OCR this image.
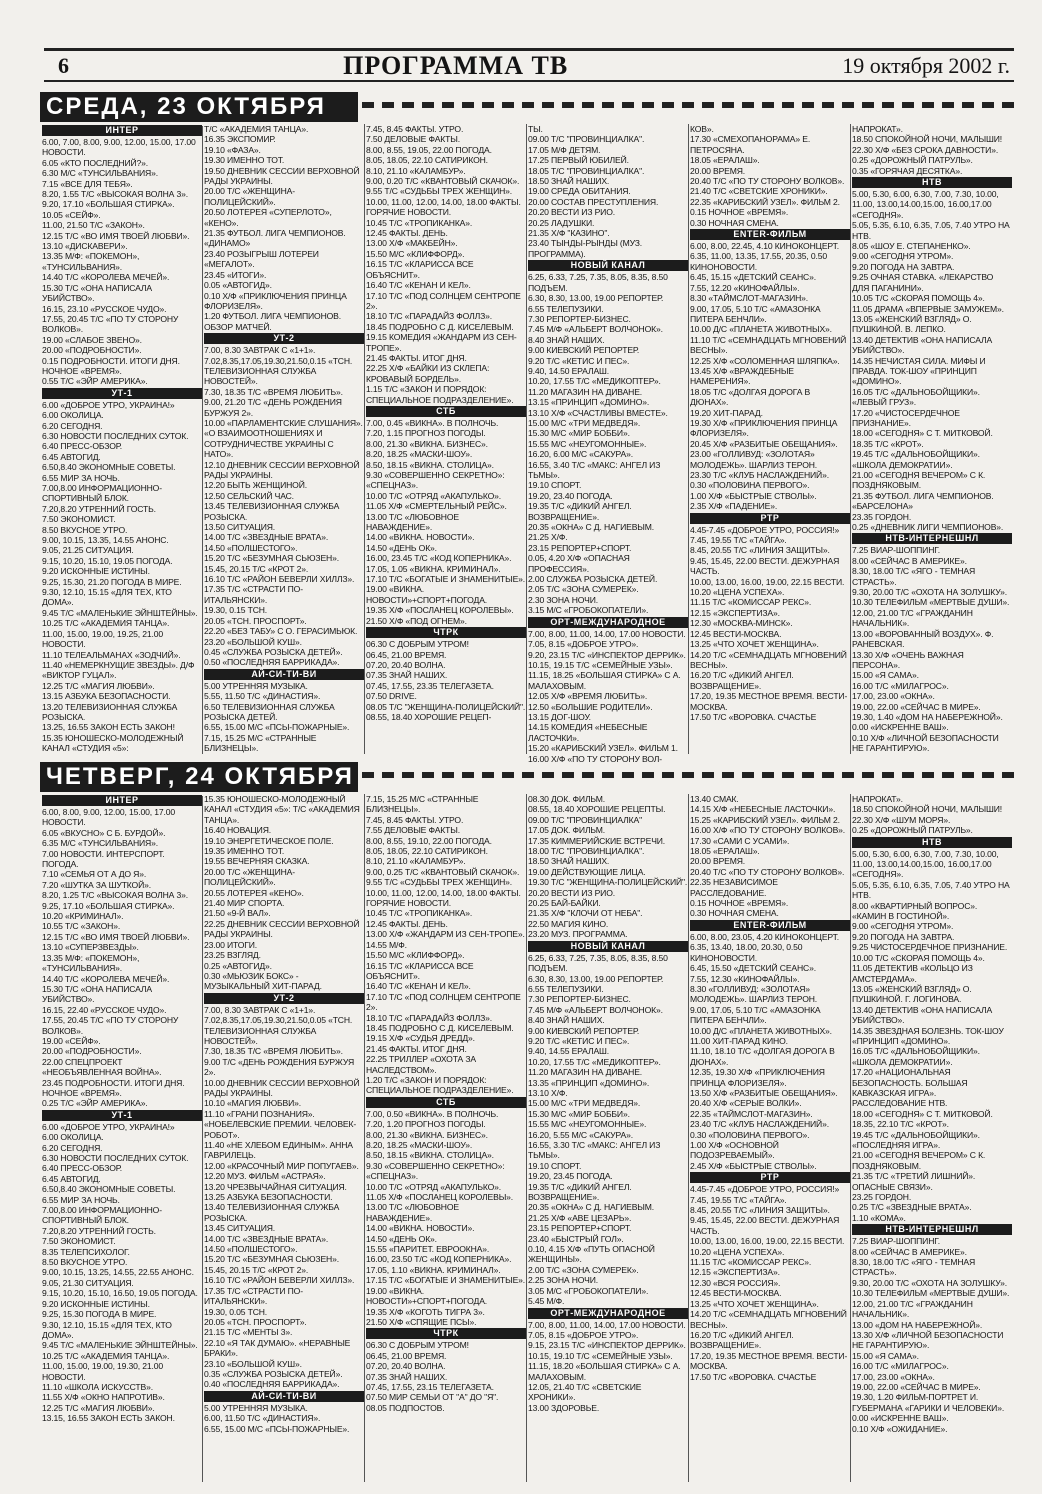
6	ПРОГРАММА ТВ	19 октября 2002 г.
СРЕДА, 23 ОКТЯБРЯ
ИНТЕР
6.00, 7.00, 8.00, 9.00, 12.00, 15.00, 17.00 НОВОСТИ.
6.05 «КТО ПОСЛЕДНИЙ?».
6.30 М/С «ТУНСИЛЬВАНИЯ».
7.15 «ВСЕ ДЛЯ ТЕБЯ».
8.20, 1.55 Т/С «ВЫСОКАЯ ВОЛНА 3».
9.20, 17.10 «БОЛЬШАЯ СТИРКА».
10.05 «СЕЙФ».
11.00, 21.50 Т/С «ЗАКОН».
12.15 Т/С «ВО ИМЯ ТВОЕЙ ЛЮБВИ».
13.10 «ДИСКАВЕРИ».
13.35 М/Ф: «ПОКЕМОН», «ТУНСИЛЬВАНИЯ».
14.40 Т/С «КОРОЛЕВА МЕЧЕЙ».
15.30 Т/С «ОНА НАПИСАЛА УБИЙСТВО».
16.15, 23.10 «РУССКОЕ ЧУДО».
17.55, 20.45 Т/С «ПО ТУ СТОРОНУ ВОЛКОВ».
19.00 «СЛАБОЕ ЗВЕНО».
20.00 «ПОДРОБНОСТИ».
0.15 ПОДРОБНОСТИ. ИТОГИ ДНЯ. НОЧНОЕ «ВРЕМЯ».
0.55 Т/С «ЭЙР АМЕРИКА».
УТ-1
6.00 «ДОБРОЕ УТРО, УКРАИНА!»
6.00 ОКОЛИЦА.
6.20 СЕГОДНЯ.
6.30 НОВОСТИ ПОСЛЕДНИХ СУТОК.
6.40 ПРЕСС-ОБЗОР.
6.45 АВТОГИД.
6.50,8.40 ЭКОНОМНЫЕ СОВЕТЫ.
6.55 МИР ЗА НОЧЬ.
7.00,8.00 ИНФОРМАЦИОННО-СПОРТИВНЫЙ БЛОК.
7.20,8.20 УТРЕННИЙ ГОСТЬ.
7.50 ЭКОНОМИСТ.
8.50 ВКУСНОЕ УТРО.
9.00, 10.15, 13.35, 14.55 АНОНС.
9.05, 21.25 СИТУАЦИЯ.
9.15, 10.20, 15.10, 19.05 ПОГОДА.
9.20 ИСКОННЫЕ ИСТИНЫ.
9.25, 15.30, 21.20 ПОГОДА В МИРЕ.
9.30, 12.10, 15.15 «ДЛЯ ТЕХ, КТО ДОМА».
9.45 Т/С «МАЛЕНЬКИЕ ЭЙНШТЕЙНЫ».
10.25 Т/С «АКАДЕМИЯ ТАНЦА».
11.00, 15.00, 19.00, 19.25, 21.00 НОВОСТИ.
11.10 ТЕЛЕАЛЬМАНАХ «ЗОДЧИЙ».
11.40 «НЕМЕРКНУЩИЕ ЗВЕЗДЫ». Д/Ф «ВИКТОР ГУЦАЛ».
12.25 Т/С «МАГИЯ ЛЮБВИ».
13.15 АЗБУКА БЕЗОПАСНОСТИ.
13.20 ТЕЛЕВИЗИОННАЯ СЛУЖБА РОЗЫСКА.
13.25, 16.55 ЗАКОН ЕСТЬ ЗАКОН!
15.35 ЮНОШЕСКО-МОЛОДЕЖНЫЙ КАНАЛ «СТУДИЯ «5»:
Т/С «АКАДЕМИЯ ТАНЦА».
16.35 ЭКСПОМИР.
19.10 «ФАЗА».
19.30 ИМЕННО ТОТ.
19.50 ДНЕВНИК СЕССИИ ВЕРХОВНОЙ РАДЫ УКРАИНЫ.
20.00 Т/С «ЖЕНЩИНА-ПОЛИЦЕЙСКИЙ».
20.50 ЛОТЕРЕЯ «СУПЕРЛОТО», «КЕНО».
21.35 ФУТБОЛ. ЛИГА ЧЕМПИОНОВ. «ДИНАМО»
23.40 РОЗЫГРЫШ ЛОТЕРЕИ «МЕГАЛОТ».
23.45 «ИТОГИ».
0.05 «АВТОГИД».
0.10 Х/Ф «ПРИКЛЮЧЕНИЯ ПРИНЦА ФЛОРИЗЕЛЯ».
1.20 ФУТБОЛ. ЛИГА ЧЕМПИОНОВ. ОБЗОР МАТЧЕЙ.
УТ-2
7.00, 8.30 ЗАВТРАК С «1+1».
7.02,8.35,17.05,19.30,21.50,0.15 «ТСН. ТЕЛЕВИЗИОННАЯ СЛУЖБА НОВОСТЕЙ».
7.30, 18.35 Т/С «ВРЕМЯ ЛЮБИТЬ».
9.00, 21.20 Т/С «ДЕНЬ РОЖДЕНИЯ БУРЖУЯ 2».
10.00 «ПАРЛАМЕНТСКИЕ СЛУШАНИЯ». «О ВЗАИМООТНОШЕНИЯХ И СОТРУДНИЧЕСТВЕ УКРАИНЫ С НАТО».
12.10 ДНЕВНИК СЕССИИ ВЕРХОВНОЙ РАДЫ УКРАИНЫ.
12.20 БЫТЬ ЖЕНЩИНОЙ.
12.50 СЕЛЬСКИЙ ЧАС.
13.45 ТЕЛЕВИЗИОННАЯ СЛУЖБА РОЗЫСКА.
13.50 СИТУАЦИЯ.
14.00 Т/С «ЗВЕЗДНЫЕ ВРАТА».
14.50 «ПОЛШЕСТОГО».
15.20 Т/С «БЕЗУМНАЯ СЬЮЗЕН».
15.45, 20.15 Т/С «КРОТ 2».
16.10 Т/С «РАЙОН БЕВЕРЛИ ХИЛЛЗ».
17.35 Т/С «СТРАСТИ ПО-ИТАЛЬЯНСКИ».
19.30, 0.15 ТСН.
20.05 «ТСН. ПРОСПОРТ».
22.20 «БЕЗ ТАБУ» С О. ГЕРАСИМЬЮК.
23.20 «БОЛЬШОЙ КУШ».
0.45 «СЛУЖБА РОЗЫСКА ДЕТЕЙ».
0.50 «ПОСЛЕДНЯЯ БАРРИКАДА».
АЙ-СИ-ТИ-ВИ
5.00 УТРЕННЯЯ МУЗЫКА.
5.55, 11.50 Т/С «ДИНАСТИЯ».
6.50 ТЕЛЕВИЗИОННАЯ СЛУЖБА РОЗЫСКА ДЕТЕЙ.
6.55, 15.00 М/С «ПСЫ-ПОЖАРНЫЕ».
7.15, 15.25 М/С «СТРАННЫЕ БЛИЗНЕЦЫ».
7.45, 8.45 ФАКТЫ. УТРО.
7.50 ДЕЛОВЫЕ ФАКТЫ.
8.00, 8.55, 19.05, 22.00 ПОГОДА.
8.05, 18.05, 22.10 САТИРИКОН.
8.10, 21.10 «КАЛАМБУР».
9.00, 0.20 Т/С «КВАНТОВЫЙ СКАЧОК».
9.55 Т/С «СУДЬБЫ ТРЕХ ЖЕНЩИН».
10.00, 11.00, 12.00, 14.00, 18.00 ФАКТЫ. ГОРЯЧИЕ НОВОСТИ.
10.45 Т/С «ТРОПИКАНКА».
12.45 ФАКТЫ. ДЕНЬ.
13.00 Х/Ф «МАКБЕЙН».
15.50 М/С «КЛИФФОРД».
16.15 Т/С «КЛАРИССА ВСЕ ОБЪЯСНИТ».
16.40 Т/С «КЕНАН И КЕЛ».
17.10 Т/С «ПОД СОЛНЦЕМ СЕНТРОПЕ 2».
18.10 Т/С «ПАРАДАЙЗ ФОЛЛЗ».
18.45 ПОДРОБНО С Д. КИСЕЛЕВЫМ.
19.15 КОМЕДИЯ «ЖАНДАРМ ИЗ СЕН-ТРОПЕ».
21.45 ФАКТЫ. ИТОГ ДНЯ.
22.25 Х/Ф «БАЙКИ ИЗ СКЛЕПА: КРОВАВЫЙ БОРДЕЛЬ».
1.15 Т/С «ЗАКОН И ПОРЯДОК: СПЕЦИАЛЬНОЕ ПОДРАЗДЕЛЕНИЕ».
СТБ
7.00, 0.45 «ВИКНА». В ПОЛНОЧЬ.
7.20, 1.15 ПРОГНОЗ ПОГОДЫ.
8.00, 21.30 «ВИКНА. БИЗНЕС».
8.20, 18.25 «МАСКИ-ШОУ».
8.50, 18.15 «ВИКНА. СТОЛИЦА».
9.30 «СОВЕРШЕННО СЕКРЕТНО»: «СПЕЦНАЗ».
10.00 Т/С «ОТРЯД «АКАПУЛЬКО».
11.05 Х/Ф «СМЕРТЕЛЬНЫЙ РЕЙС».
13.00 Т/С «ЛЮБОВНОЕ НАВАЖДЕНИЕ».
14.00 «ВИКНА. НОВОСТИ».
14.50 «ДЕНЬ ОК».
16.00, 23.45 Т/С «КОД КОПЕРНИКА».
17.05, 1.05 «ВИКНА. КРИМИНАЛ».
17.10 Т/С «БОГАТЫЕ И ЗНАМЕНИТЫЕ».
19.00 «ВИКНА. НОВОСТИ»+СПОРТ+ПОГОДА.
19.35 Х/Ф «ПОСЛАНЕЦ КОРОЛЕВЫ».
21.50 Х/Ф «ПОД ОГНЕМ».
ЧТРК
06.30 С ДОБРЫМ УТРОМ!
06.45, 21.00 ВРЕМЯ.
07.20, 20.40 ВОЛНА.
07.35 ЗНАЙ НАШИХ.
07.45, 17.55, 23.35 ТЕЛЕГАЗЕТА.
07.50 DRIVE.
08.05 Т/С "ЖЕНЩИНА-ПОЛИЦЕЙСКИЙ".
08.55, 18.40 ХОРОШИЕ РЕЦЕП-
ТЫ.
09.00 Т/С "ПРОВИНЦИАЛКА".
17.05 М/Ф ДЕТЯМ.
17.25 ПЕРВЫЙ ЮБИЛЕЙ.
18.05 Т/С "ПРОВИНЦИАЛКА".
18.50 ЗНАЙ НАШИХ.
19.00 СРЕДА ОБИТАНИЯ.
20.00 СОСТАВ ПРЕСТУПЛЕНИЯ.
20.20 ВЕСТИ ИЗ РИО.
20.25 ЛАДУШКИ.
21.35 Х/Ф "КАЗИНО".
23.40 ТЫНДЫ-РЫНДЫ (МУЗ. ПРОГРАММА).
НОВЫЙ КАНАЛ
6.25, 6.33, 7.25, 7.35, 8.05, 8.35, 8.50 ПОДЪЕМ.
6.30, 8.30, 13.00, 19.00 РЕПОРТЕР.
6.55 ТЕЛЕПУЗИКИ.
7.30 РЕПОРТЕР-БИЗНЕС.
7.45 М/Ф «АЛЬБЕРТ ВОЛЧОНОК».
8.40 ЗНАЙ НАШИХ.
9.00 КИЕВСКИЙ РЕПОРТЕР.
9.20 Т/С «КЕТИС И ПЕС».
9.40, 14.50 ЕРАЛАШ.
10.20, 17.55 Т/С «МЕДИКОПТЕР».
11.20 МАГАЗИН НА ДИВАНЕ.
13.15 «ПРИНЦИП «ДОМИНО».
13.10 Х/Ф «СЧАСТЛИВЫ ВМЕСТЕ».
15.00 М/С «ТРИ МЕДВЕДЯ».
15.30 М/С «МИР БОББИ».
15.55 М/С «НЕУГОМОННЫЕ».
16.20, 6.00 М/С «САКУРА».
16.55, 3.40 Т/С «МАКС: АНГЕЛ ИЗ ТЬМЫ».
19.10 СПОРТ.
19.20, 23.40 ПОГОДА.
19.35 Т/С «ДИКИЙ АНГЕЛ. ВОЗВРАЩЕНИЕ».
20.35 «ОКНА» С Д. НАГИЕВЫМ.
21.25 Х/Ф.
23.15 РЕПОРТЕР+СПОРТ.
0.05, 4.20 Х/Ф «ОПАСНАЯ ПРОФЕССИЯ».
2.00 СЛУЖБА РОЗЫСКА ДЕТЕЙ.
2.05 Т/С «ЗОНА СУМЕРЕК».
2.30 ЗОНА НОЧИ.
3.15 М/С «ГРОБОКОПАТЕЛИ».
ОРТ-МЕЖДУНАРОДНОЕ
7.00, 8.00, 11.00, 14.00, 17.00 НОВОСТИ.
7.05, 8.15 «ДОБРОЕ УТРО».
9.20, 23.15 Т/С «ИНСПЕКТОР ДЕРРИК».
10.15, 19.15 Т/С «СЕМЕЙНЫЕ УЗЫ».
11.15, 18.25 «БОЛЬШАЯ СТИРКА» С А. МАЛАХОВЫМ.
12.05 Х/Ф «ВРЕМЯ ЛЮБИТЬ».
12.50 «БОЛЬШИЕ РОДИТЕЛИ».
13.15 ДОГ-ШОУ.
14.15 КОМЕДИЯ «НЕБЕСНЫЕ ЛАСТОЧКИ».
15.20 «КАРИБСКИЙ УЗЕЛ». ФИЛЬМ 1.
16.00 Х/Ф «ПО ТУ СТОРОНУ ВОЛ-
КОВ».
17.30 «СМЕХОПАНОРАМА» Е. ПЕТРОСЯНА.
18.05 «ЕРАЛАШ».
20.00 ВРЕМЯ.
20.40 Т/С «ПО ТУ СТОРОНУ ВОЛКОВ».
21.40 Т/С «СВЕТСКИЕ ХРОНИКИ».
22.35 «КАРИБСКИЙ УЗЕЛ». ФИЛЬМ 2.
0.15 НОЧНОЕ «ВРЕМЯ».
0.30 НОЧНАЯ СМЕНА.
ENTER-ФИЛЬМ
6.00, 8.00, 22.45, 4.10 КИНОКОНЦЕРТ.
6.35, 11.00, 13.35, 17.55, 20.35, 0.50 КИНОНОВОСТИ.
6.45, 15.15 «ДЕТСКИЙ СЕАНС».
7.55, 12.20 «КИНОФАЙЛЫ».
8.30 «ТАЙМСЛОТ-МАГАЗИН».
9.00, 17.05, 5.10 Т/С «АМАЗОНКА ПИТЕРА БЕНЧЛИ».
10.00 Д/С «ПЛАНЕТА ЖИВОТНЫХ».
11.10 Т/С «СЕМНАДЦАТЬ МГНОВЕНИЙ ВЕСНЫ».
12.25 Х/Ф «СОЛОМЕННАЯ ШЛЯПКА».
13.45 Х/Ф «ВРАЖДЕБНЫЕ НАМЕРЕНИЯ».
18.05 Т/С «ДОЛГАЯ ДОРОГА В ДЮНАХ».
19.20 ХИТ-ПАРАД.
19.30 Х/Ф «ПРИКЛЮЧЕНИЯ ПРИНЦА ФЛОРИЗЕЛЯ».
20.45 Х/Ф «РАЗБИТЫЕ ОБЕЩАНИЯ».
23.00 «ГОЛЛИВУД: «ЗОЛОТАЯ» МОЛОДЕЖЬ». ШАРЛИЗ ТЕРОН.
23.30 Т/С «КЛУБ НАСЛАЖДЕНИЙ».
0.30 «ПОЛОВИНА ПЕРВОГО».
1.00 Х/Ф «БЫСТРЫЕ СТВОЛЫ».
2.35 Х/Ф «ПАДЕНИЕ».
РТР
4.45-7.45 «ДОБРОЕ УТРО, РОССИЯ!»
7.45, 19.55 Т/С «ТАЙГА».
8.45, 20.55 Т/С «ЛИНИЯ ЗАЩИТЫ».
9.45, 15.45, 22.00 ВЕСТИ. ДЕЖУРНАЯ ЧАСТЬ.
10.00, 13.00, 16.00, 19.00, 22.15 ВЕСТИ.
10.20 «ЦЕНА УСПЕХА».
11.15 Т/С «КОМИССАР РЕКС».
12.15 «ЭКСПЕРТИЗА».
12.30 «МОСКВА-МИНСК».
12.45 ВЕСТИ-МОСКВА.
13.25 «ЧТО ХОЧЕТ ЖЕНЩИНА».
14.20 Т/С «СЕМНАДЦАТЬ МГНОВЕНИЙ ВЕСНЫ».
16.20 Т/С «ДИКИЙ АНГЕЛ. ВОЗВРАЩЕНИЕ».
17.20, 19.35 МЕСТНОЕ ВРЕМЯ. ВЕСТИ-МОСКВА.
17.50 Т/С «ВОРОВКА. СЧАСТЬЕ
НАПРОКАТ».
18.50 СПОКОЙНОЙ НОЧИ, МАЛЫШИ!
22.30 Х/Ф «БЕЗ СРОКА ДАВНОСТИ».
0.25 «ДОРОЖНЫЙ ПАТРУЛЬ».
0.35 «ГОРЯЧАЯ ДЕСЯТКА».
НТВ
5.00, 5.30, 6.00, 6.30, 7.00, 7.30, 10.00, 11.00, 13.00,14.00,15.00, 16.00,17.00 «СЕГОДНЯ».
5.05, 5.35, 6.10, 6.35, 7.05, 7.40 УТРО НА НТВ.
8.05 «ШОУ Е. СТЕПАНЕНКО».
9.00 «СЕГОДНЯ УТРОМ».
9.20 ПОГОДА НА ЗАВТРА.
9.25 ОЧНАЯ СТАВКА. «ЛЕКАРСТВО ДЛЯ ПАГАНИНИ».
10.05 Т/С «СКОРАЯ ПОМОЩЬ 4».
11.05 ДРАМА «ВПЕРВЫЕ ЗАМУЖЕМ».
13.05 «ЖЕНСКИЙ ВЗГЛЯД» О. ПУШКИНОЙ. В. ЛЕПКО.
13.40 ДЕТЕКТИВ «ОНА НАПИСАЛА УБИЙСТВО».
14.35 НЕЧИСТАЯ СИЛА. МИФЫ И ПРАВДА. ТОК-ШОУ «ПРИНЦИП «ДОМИНО».
16.05 Т/С «ДАЛЬНОБОЙЩИКИ». «ЛЕВЫЙ ГРУЗ».
17.20 «ЧИСТОСЕРДЕЧНОЕ ПРИЗНАНИЕ».
18.00 «СЕГОДНЯ» С Т. МИТКОВОЙ.
18.35 Т/С «КРОТ».
19.45 Т/С «ДАЛЬНОБОЙЩИКИ». «ШКОЛА ДЕМОКРАТИИ».
21.00 «СЕГОДНЯ ВЕЧЕРОМ» С К. ПОЗДНЯКОВЫМ.
21.35 ФУТБОЛ. ЛИГА ЧЕМПИОНОВ. «БАРСЕЛОНА»
23.35 ГОРДОН.
0.25 «ДНЕВНИК ЛИГИ ЧЕМПИОНОВ».
НТВ-ИНТЕРНЕШНЛ
7.25 ВИАР-ШОППИНГ.
8.00 «СЕЙЧАС В АМЕРИКЕ».
8.30, 18.00 Т/С «ЯГО - ТЕМНАЯ СТРАСТЬ».
9.30, 20.00 Т/С «ОХОТА НА ЗОЛУШКУ».
10.30 ТЕЛЕФИЛЬМ «МЕРТВЫЕ ДУШИ».
12.00, 21.00 Т/С «ГРАЖДАНИН НАЧАЛЬНИК».
13.00 «ВОРОВАННЫЙ ВОЗДУХ». Ф. РАНЕВСКАЯ.
13.30 Х/Ф «ОЧЕНЬ ВАЖНАЯ ПЕРСОНА».
15.00 «Я САМА».
16.00 Т/С «МИЛАГРОС».
17.00, 23.00 «ОКНА».
19.00, 22.00 «СЕЙЧАС В МИРЕ».
19.30, 1.40 «ДОМ НА НАБЕРЕЖНОЙ».
0.00 «ИСКРЕННЕ ВАШ».
0.10 Х/Ф «ЛИЧНОЙ БЕЗОПАСНОСТИ НЕ ГАРАНТИРУЮ».
ЧЕТВЕРГ, 24 ОКТЯБРЯ
ИНТЕР
6.00, 8.00, 9.00, 12.00, 15.00, 17.00 НОВОСТИ.
6.05 «ВКУСНО» С Б. БУРДОЙ».
6.35 М/С «ТУНСИЛЬВАНИЯ».
7.00 НОВОСТИ. ИНТЕРСПОРТ. ПОГОДА.
7.10 «СЕМЬЯ ОТ А ДО Я».
7.20 «ШУТКА ЗА ШУТКОЙ».
8.20, 1.25 Т/С «ВЫСОКАЯ ВОЛНА 3».
9.25, 17.10 «БОЛЬШАЯ СТИРКА».
10.20 «КРИМИНАЛ».
10.55 Т/С «ЗАКОН».
12.15 Т/С «ВО ИМЯ ТВОЕЙ ЛЮБВИ».
13.10 «СУПЕРЗВЕЗДЫ».
13.35 М/Ф: «ПОКЕМОН», «ТУНСИЛЬВАНИЯ».
14.40 Т/С «КОРОЛЕВА МЕЧЕЙ».
15.30 Т/С «ОНА НАПИСАЛА УБИЙСТВО».
16.15, 22.40 «РУССКОЕ ЧУДО».
17.55, 20.45 Т/С «ПО ТУ СТОРОНУ ВОЛКОВ».
19.00 «СЕЙФ».
20.00 «ПОДРОБНОСТИ».
22.00 СПЕЦПРОЕКТ «НЕОБЪЯВЛЕННАЯ ВОЙНА».
23.45 ПОДРОБНОСТИ. ИТОГИ ДНЯ. НОЧНОЕ «ВРЕМЯ».
0.25 Т/С «ЭЙР АМЕРИКА».
УТ-1
6.00 «ДОБРОЕ УТРО, УКРАИНА!»
6.00 ОКОЛИЦА.
6.20 СЕГОДНЯ.
6.30 НОВОСТИ ПОСЛЕДНИХ СУТОК.
6.40 ПРЕСС-ОБЗОР.
6.45 АВТОГИД.
6.50,8.40 ЭКОНОМНЫЕ СОВЕТЫ.
6.55 МИР ЗА НОЧЬ.
7.00,8.00 ИНФОРМАЦИОННО-СПОРТИВНЫЙ БЛОК.
7.20,8.20 УТРЕННИЙ ГОСТЬ.
7.50 ЭКОНОМИСТ.
8.35 ТЕЛЕПСИХОЛОГ.
8.50 ВКУСНОЕ УТРО.
9.00, 10.15, 13.25, 14.55, 22.55 АНОНС.
9.05, 21.30 СИТУАЦИЯ.
9.15, 10.20, 15.10, 16.50, 19.05 ПОГОДА.
9.20 ИСКОННЫЕ ИСТИНЫ.
9.25, 15.30 ПОГОДА В МИРЕ.
9.30, 12.10, 15.15 «ДЛЯ ТЕХ, КТО ДОМА».
9.45 Т/С «МАЛЕНЬКИЕ ЭЙНШТЕЙНЫ».
10.25 Т/С «АКАДЕМИЯ ТАНЦА».
11.00, 15.00, 19.00, 19.30, 21.00 НОВОСТИ.
11.10 «ШКОЛА ИСКУССТВ».
11.55 Х/Ф «ОКНО НАПРОТИВ».
12.25 Т/С «МАГИЯ ЛЮБВИ».
13.15, 16.55 ЗАКОН ЕСТЬ ЗАКОН.
15.35 ЮНОШЕСКО-МОЛОДЕЖНЫЙ КАНАЛ «СТУДИЯ «5»: Т/С «АКАДЕМИЯ ТАНЦА».
16.40 НОВАЦИЯ.
19.10 ЭНЕРГЕТИЧЕСКОЕ ПОЛЕ.
19.35 ИМЕННО ТОТ.
19.55 ВЕЧЕРНЯЯ СКАЗКА.
20.00 Т/С «ЖЕНЩИНА-ПОЛИЦЕЙСКИЙ».
20.55 ЛОТЕРЕЯ «КЕНО».
21.40 МИР СПОРТА.
21.50 «9-Й ВАЛ».
22.25 ДНЕВНИК СЕССИИ ВЕРХОВНОЙ РАДЫ УКРАИНЫ.
23.00 ИТОГИ.
23.25 ВЗГЛЯД.
0.25 «АВТОГИД».
0.30 «МЬЮЗИК БОКС» - МУЗЫКАЛЬНЫЙ ХИТ-ПАРАД.
УТ-2
7.00, 8.30 ЗАВТРАК С «1+1».
7.02,8.35,17.05,19.30,21.50,0.05 «ТСН. ТЕЛЕВИЗИОННАЯ СЛУЖБА НОВОСТЕЙ».
7.30, 18.35 Т/С «ВРЕМЯ ЛЮБИТЬ».
9.00 Т/С «ДЕНЬ РОЖДЕНИЯ БУРЖУЯ 2».
10.00 ДНЕВНИК СЕССИИ ВЕРХОВНОЙ РАДЫ УКРАИНЫ.
10.10 «МАГИЯ ЛЮБВИ».
11.10 «ГРАНИ ПОЗНАНИЯ». «НОБЕЛЕВСКИЕ ПРЕМИИ. ЧЕЛОВЕК-РОБОТ».
11.40 «НЕ ХЛЕБОМ ЕДИНЫМ». АННА ГАВРИЛЕЦЬ.
12.00 «КРАСОЧНЫЙ МИР ПОПУГАЕВ».
12.20 МУЗ. ФИЛЬМ «АСТРАЯ».
13.20 ЧРЕЗВЫЧАЙНАЯ СИТУАЦИЯ.
13.25 АЗБУКА БЕЗОПАСНОСТИ.
13.40 ТЕЛЕВИЗИОННАЯ СЛУЖБА РОЗЫСКА.
13.45 СИТУАЦИЯ.
14.00 Т/С «ЗВЕЗДНЫЕ ВРАТА».
14.50 «ПОЛШЕСТОГО».
15.20 Т/С «БЕЗУМНАЯ СЬЮЗЕН».
15.45, 20.15 Т/С «КРОТ 2».
16.10 Т/С «РАЙОН БЕВЕРЛИ ХИЛЛЗ».
17.35 Т/С «СТРАСТИ ПО-ИТАЛЬЯНСКИ».
19.30, 0.05 ТСН.
20.05 «ТСН. ПРОСПОРТ».
21.15 Т/С «МЕНТЫ 3».
22.10 «Я ТАК ДУМАЮ». «НЕРАВНЫЕ БРАКИ».
23.10 «БОЛЬШОЙ КУШ».
0.35 «СЛУЖБА РОЗЫСКА ДЕТЕЙ».
0.40 «ПОСЛЕДНЯЯ БАРРИКАДА».
АЙ-СИ-ТИ-ВИ
5.00 УТРЕННЯЯ МУЗЫКА.
6.00, 11.50 Т/С «ДИНАСТИЯ».
6.55, 15.00 М/С «ПСЫ-ПОЖАРНЫЕ».
7.15, 15.25 М/С «СТРАННЫЕ БЛИЗНЕЦЫ».
7.45, 8.45 ФАКТЫ. УТРО.
7.55 ДЕЛОВЫЕ ФАКТЫ.
8.00, 8.55, 19.10, 22.00 ПОГОДА.
8.05, 18.05, 22.10 САТИРИКОН.
8.10, 21.10 «КАЛАМБУР».
9.00, 0.25 Т/С «КВАНТОВЫЙ СКАЧОК».
9.55 Т/С «СУДЬБЫ ТРЕХ ЖЕНЩИН».
10.00, 11.00, 12.00, 14.00, 18.00 ФАКТЫ. ГОРЯЧИЕ НОВОСТИ.
10.45 Т/С «ТРОПИКАНКА».
12.45 ФАКТЫ. ДЕНЬ.
13.00 Х/Ф «ЖАНДАРМ ИЗ СЕН-ТРОПЕ».
14.55 М/Ф.
15.50 М/С «КЛИФФОРД».
16.15 Т/С «КЛАРИССА ВСЕ ОБЪЯСНИТ».
16.40 Т/С «КЕНАН И КЕЛ».
17.10 Т/С «ПОД СОЛНЦЕМ СЕНТРОПЕ 2».
18.10 Т/С «ПАРАДАЙЗ ФОЛЛЗ».
18.45 ПОДРОБНО С Д. КИСЕЛЕВЫМ.
19.15 Х/Ф «СУДЬЯ ДРЕДД».
21.45 ФАКТЫ. ИТОГ ДНЯ.
22.25 ТРИЛЛЕР «ОХОТА ЗА НАСЛЕДСТВОМ».
1.20 Т/С «ЗАКОН И ПОРЯДОК: СПЕЦИАЛЬНОЕ ПОДРАЗДЕЛЕНИЕ».
СТБ
7.00, 0.50 «ВИКНА». В ПОЛНОЧЬ.
7.20, 1.20 ПРОГНОЗ ПОГОДЫ.
8.00, 21.30 «ВИКНА. БИЗНЕС».
8.20, 18.25 «МАСКИ-ШОУ».
8.50, 18.15 «ВИКНА. СТОЛИЦА».
9.30 «СОВЕРШЕННО СЕКРЕТНО»: «СПЕЦНАЗ».
10.00 Т/С «ОТРЯД «АКАПУЛЬКО».
11.05 Х/Ф «ПОСЛАНЕЦ КОРОЛЕВЫ».
13.00 Т/С «ЛЮБОВНОЕ НАВАЖДЕНИЕ».
14.00 «ВИКНА. НОВОСТИ».
14.50 «ДЕНЬ ОК».
15.55 «ПАРИТЕТ. ЕВРООКНА».
16.00, 23.50 Т/С «КОД КОПЕРНИКА».
17.05, 1.10 «ВИКНА. КРИМИНАЛ».
17.15 Т/С «БОГАТЫЕ И ЗНАМЕНИТЫЕ».
19.00 «ВИКНА. НОВОСТИ»+СПОРТ+ПОГОДА.
19.35 Х/Ф «КОГОТЬ ТИГРА 3».
21.50 Х/Ф «СПЯЩИЕ ПСЫ».
ЧТРК
06.30 С ДОБРЫМ УТРОМ!
06.45, 21.00 ВРЕМЯ.
07.20, 20.40 ВОЛНА.
07.35 ЗНАЙ НАШИХ.
07.45, 17.55, 23.15 ТЕЛЕГАЗЕТА.
07.50 МИР СЕМЬИ ОТ "А" ДО "Я".
08.05 ПОДПОСТОВ.
08.30 ДОК. ФИЛЬМ.
08.55, 18.40 ХОРОШИЕ РЕЦЕПТЫ.
09.00 Т/С "ПРОВИНЦИАЛКА"
17.05 ДОК. ФИЛЬМ.
17.35 КИММЕРИЙСКИЕ ВСТРЕЧИ.
18.00 Т/С "ПРОВИНЦИАЛКА".
18.50 ЗНАЙ НАШИХ.
19.00 ДЕЙСТВУЮЩИЕ ЛИЦА.
19.30 Т/С "ЖЕНЩИНА-ПОЛИЦЕЙСКИЙ".
20.20 ВЕСТИ ИЗ РИО.
20.25 БАЙ-БАЙКИ.
21.35 Х/Ф "КЛОЧИ ОТ НЕБА".
22.50 МАГИЯ КИНО.
23.20 МУЗ. ПРОГРАММА.
НОВЫЙ КАНАЛ
6.25, 6.33, 7.25, 7.35, 8.05, 8.35, 8.50 ПОДЪЕМ.
6.30, 8.30, 13.00, 19.00 РЕПОРТЕР.
6.55 ТЕЛЕПУЗИКИ.
7.30 РЕПОРТЕР-БИЗНЕС.
7.45 М/Ф «АЛЬБЕРТ ВОЛЧОНОК».
8.40 ЗНАЙ НАШИХ.
9.00 КИЕВСКИЙ РЕПОРТЕР.
9.20 Т/С «КЕТИС И ПЕС».
9.40, 14.55 ЕРАЛАШ.
10.20, 17.55 Т/С «МЕДИКОПТЕР».
11.20 МАГАЗИН НА ДИВАНЕ.
13.35 «ПРИНЦИП «ДОМИНО».
13.10 Х/Ф.
15.00 М/С «ТРИ МЕДВЕДЯ».
15.30 М/С «МИР БОББИ».
15.55 М/С «НЕУГОМОННЫЕ».
16.20, 5.55 М/С «САКУРА».
16.55, 3.30 Т/С «МАКС: АНГЕЛ ИЗ ТЬМЫ».
19.10 СПОРТ.
19.20, 23.45 ПОГОДА.
19.35 Т/С «ДИКИЙ АНГЕЛ. ВОЗВРАЩЕНИЕ».
20.35 «ОКНА» С Д. НАГИЕВЫМ.
21.25 Х/Ф «АВЕ ЦЕЗАРЬ».
23.15 РЕПОРТЕР+СПОРТ.
23.40 «БЫСТРЫЙ ГОЛ».
0.10, 4.15 Х/Ф «ПУТЬ ОПАСНОЙ ЖЕНЩИНЫ».
2.00 Т/С «ЗОНА СУМЕРЕК».
2.25 ЗОНА НОЧИ.
3.05 М/С «ГРОБОКОПАТЕЛИ».
5.45 М/Ф.
ОРТ-МЕЖДУНАРОДНОЕ
7.00, 8.00, 11.00, 14.00, 17.00 НОВОСТИ.
7.05, 8.15 «ДОБРОЕ УТРО».
9.15, 23.15 Т/С «ИНСПЕКТОР ДЕРРИК».
10.15, 19.10 Т/С «СЕМЕЙНЫЕ УЗЫ».
11.15, 18.20 «БОЛЬШАЯ СТИРКА» С А. МАЛАХОВЫМ.
12.05, 21.40 Т/С «СВЕТСКИЕ ХРОНИКИ».
13.00 ЗДОРОВЬЕ.
13.40 СМАК.
14.15 Х/Ф «НЕБЕСНЫЕ ЛАСТОЧКИ».
15.25 «КАРИБСКИЙ УЗЕЛ». ФИЛЬМ 2.
16.00 Х/Ф «ПО ТУ СТОРОНУ ВОЛКОВ».
17.30 «САМИ С УСАМИ».
18.05 «ЕРАЛАШ».
20.00 ВРЕМЯ.
20.40 Т/С «ПО ТУ СТОРОНУ ВОЛКОВ».
22.35 НЕЗАВИСИМОЕ РАССЛЕДОВАНИЕ.
0.15 НОЧНОЕ «ВРЕМЯ».
0.30 НОЧНАЯ СМЕНА.
ENTER-ФИЛЬМ
6.00, 8.00, 23.05, 4.20 КИНОКОНЦЕРТ.
6.35, 13.40, 18.00, 20.30, 0.50 КИНОНОВОСТИ.
6.45, 15.50 «ДЕТСКИЙ СЕАНС».
7.55, 12.30 «КИНОФАЙЛЫ».
8.30 «ГОЛЛИВУД: «ЗОЛОТАЯ» МОЛОДЕЖЬ». ШАРЛИЗ ТЕРОН.
9.00, 17.05, 5.10 Т/С «АМАЗОНКА ПИТЕРА БЕНЧЛИ».
10.00 Д/С «ПЛАНЕТА ЖИВОТНЫХ».
11.00 ХИТ-ПАРАД КИНО.
11.10, 18.10 Т/С «ДОЛГАЯ ДОРОГА В ДЮНАХ».
12.35, 19.30 Х/Ф «ПРИКЛЮЧЕНИЯ ПРИНЦА ФЛОРИЗЕЛЯ».
13.50 Х/Ф «РАЗБИТЫЕ ОБЕЩАНИЯ».
20.40 Х/Ф «СЕРЫЕ ВОЛКИ».
22.35 «ТАЙМСЛОТ-МАГАЗИН».
23.40 Т/С «КЛУБ НАСЛАЖДЕНИЙ».
0.30 «ПОЛОВИНА ПЕРВОГО».
1.00 Х/Ф «ОСНОВНОЙ ПОДОЗРЕВАЕМЫЙ».
2.45 Х/Ф «БЫСТРЫЕ СТВОЛЫ».
РТР
4.45-7.45 «ДОБРОЕ УТРО, РОССИЯ!»
7.45, 19.55 Т/С «ТАЙГА».
8.45, 20.55 Т/С «ЛИНИЯ ЗАЩИТЫ».
9.45, 15.45, 22.00 ВЕСТИ. ДЕЖУРНАЯ ЧАСТЬ.
10.00, 13.00, 16.00, 19.00, 22.15 ВЕСТИ.
10.20 «ЦЕНА УСПЕХА».
11.15 Т/С «КОМИССАР РЕКС».
12.15 «ЭКСПЕРТИЗА».
12.30 «ВСЯ РОССИЯ».
12.45 ВЕСТИ-МОСКВА.
13.25 «ЧТО ХОЧЕТ ЖЕНЩИНА».
14.20 Т/С «СЕМНАДЦАТЬ МГНОВЕНИЙ ВЕСНЫ».
16.20 Т/С «ДИКИЙ АНГЕЛ. ВОЗВРАЩЕНИЕ».
17.20, 19.35 МЕСТНОЕ ВРЕМЯ. ВЕСТИ-МОСКВА.
17.50 Т/С «ВОРОВКА. СЧАСТЬЕ
НАПРОКАТ».
18.50 СПОКОЙНОЙ НОЧИ, МАЛЫШИ!
22.30 Х/Ф «ШУМ МОРЯ».
0.25 «ДОРОЖНЫЙ ПАТРУЛЬ».
НТВ
5.00, 5.30, 6.00, 6.30, 7.00, 7.30, 10.00, 11.00, 13.00,14.00,15.00, 16.00,17.00 «СЕГОДНЯ».
5.05, 5.35, 6.10, 6.35, 7.05, 7.40 УТРО НА НТВ.
8.00 «КВАРТИРНЫЙ ВОПРОС». «КАМИН В ГОСТИНОЙ».
9.00 «СЕГОДНЯ УТРОМ».
9.20 ПОГОДА НА ЗАВТРА.
9.25 ЧИСТОСЕРДЕЧНОЕ ПРИЗНАНИЕ.
10.00 Т/С «СКОРАЯ ПОМОЩЬ 4».
11.05 ДЕТЕКТИВ «КОЛЬЦО ИЗ АМСТЕРДАМА».
13.05 «ЖЕНСКИЙ ВЗГЛЯД» О. ПУШКИНОЙ. Г. ЛОГИНОВА.
13.40 ДЕТЕКТИВ «ОНА НАПИСАЛА УБИЙСТВО».
14.35 ЗВЕЗДНАЯ БОЛЕЗНЬ. ТОК-ШОУ «ПРИНЦИП «ДОМИНО».
16.05 Т/С «ДАЛЬНОБОЙЩИКИ». «ШКОЛА ДЕМОКРАТИИ».
17.20 «НАЦИОНАЛЬНАЯ БЕЗОПАСНОСТЬ. БОЛЬШАЯ КАВКАЗСКАЯ ИГРА». РАССЛЕДОВАНИЕ НТВ.
18.00 «СЕГОДНЯ» С Т. МИТКОВОЙ.
18.35, 22.10 Т/С «КРОТ».
19.45 Т/С «ДАЛЬНОБОЙЩИКИ». «ПОСЛЕДНЯЯ ИГРА».
21.00 «СЕГОДНЯ ВЕЧЕРОМ» С К. ПОЗДНЯКОВЫМ.
21.35 Т/С «ТРЕТИЙ ЛИШНИЙ». ОПАСНЫЕ СВЯЗИ».
23.25 ГОРДОН.
0.25 Т/С «ЗВЕЗДНЫЕ ВРАТА».
1.10 «КОМА».
НТВ-ИНТЕРНЕШНЛ
7.25 ВИАР-ШОППИНГ.
8.00 «СЕЙЧАС В АМЕРИКЕ».
8.30, 18.00 Т/С «ЯГО - ТЕМНАЯ СТРАСТЬ».
9.30, 20.00 Т/С «ОХОТА НА ЗОЛУШКУ».
10.30 ТЕЛЕФИЛЬМ «МЕРТВЫЕ ДУШИ».
12.00, 21.00 Т/С «ГРАЖДАНИН НАЧАЛЬНИК».
13.00 «ДОМ НА НАБЕРЕЖНОЙ».
13.30 Х/Ф «ЛИЧНОЙ БЕЗОПАСНОСТИ НЕ ГАРАНТИРУЮ».
15.00 «Я САМА».
16.00 Т/С «МИЛАГРОС».
17.00, 23.00 «ОКНА».
19.00, 22.00 «СЕЙЧАС В МИРЕ».
19.30, 1.20 ФИЛЬМ-ПОРТРЕТ И. ГУБЕРМАНА «ГАРИКИ И ЧЕЛОВЕКИ».
0.00 «ИСКРЕННЕ ВАШ».
0.10 Х/Ф «ОЖИДАНИЕ».
